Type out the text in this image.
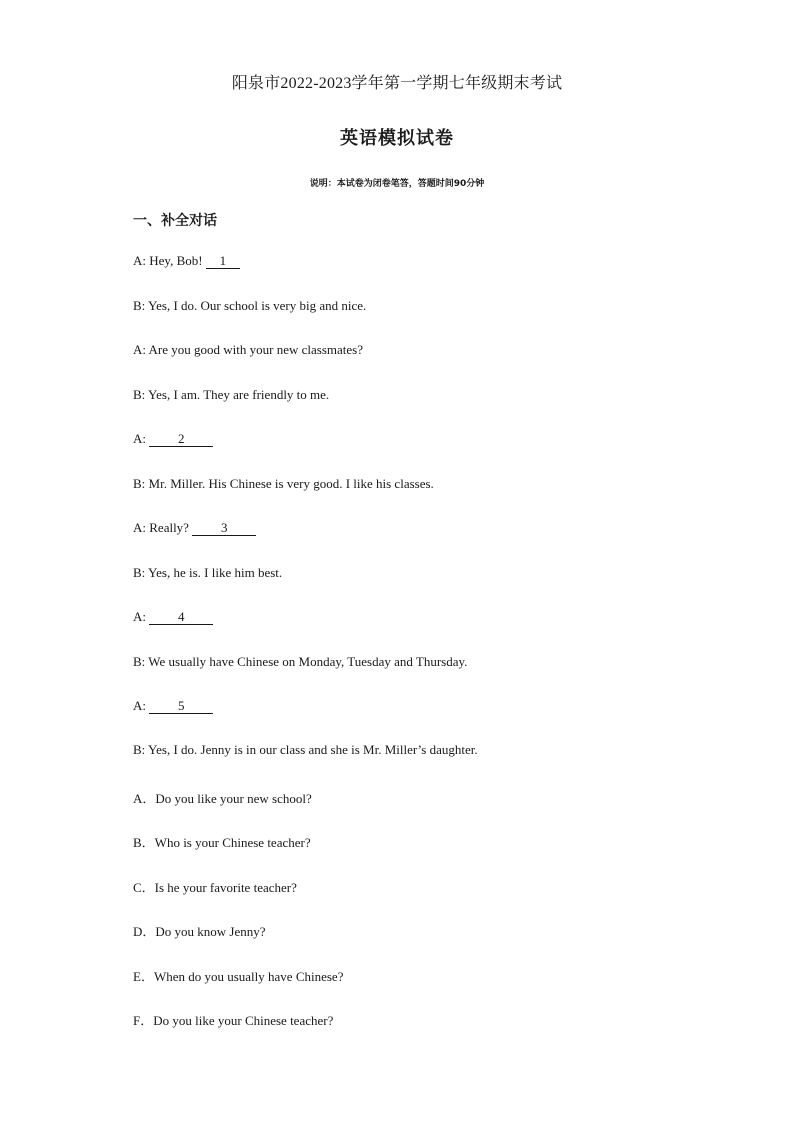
阳泉市2022-2023学年第一学期七年级期末考试
英语模拟试卷
说明：本试卷为闭卷笔答，答题时间90分钟
一、补全对话
A: Hey, Bob! 1
B: Yes, I do. Our school is very big and nice.
A: Are you good with your new classmates?
B: Yes, I am. They are friendly to me.
A: 2
B: Mr. Miller. His Chinese is very good. I like his classes.
A: Really? 3
B: Yes, he is. I like him best.
A: 4
B: We usually have Chinese on Monday, Tuesday and Thursday.
A: 5
B: Yes, I do. Jenny is in our class and she is Mr. Miller’s daughter.
A．Do you like your new school?
B．Who is your Chinese teacher?
C．Is he your favorite teacher?
D．Do you know Jenny?
E．When do you usually have Chinese?
F．Do you like your Chinese teacher?
